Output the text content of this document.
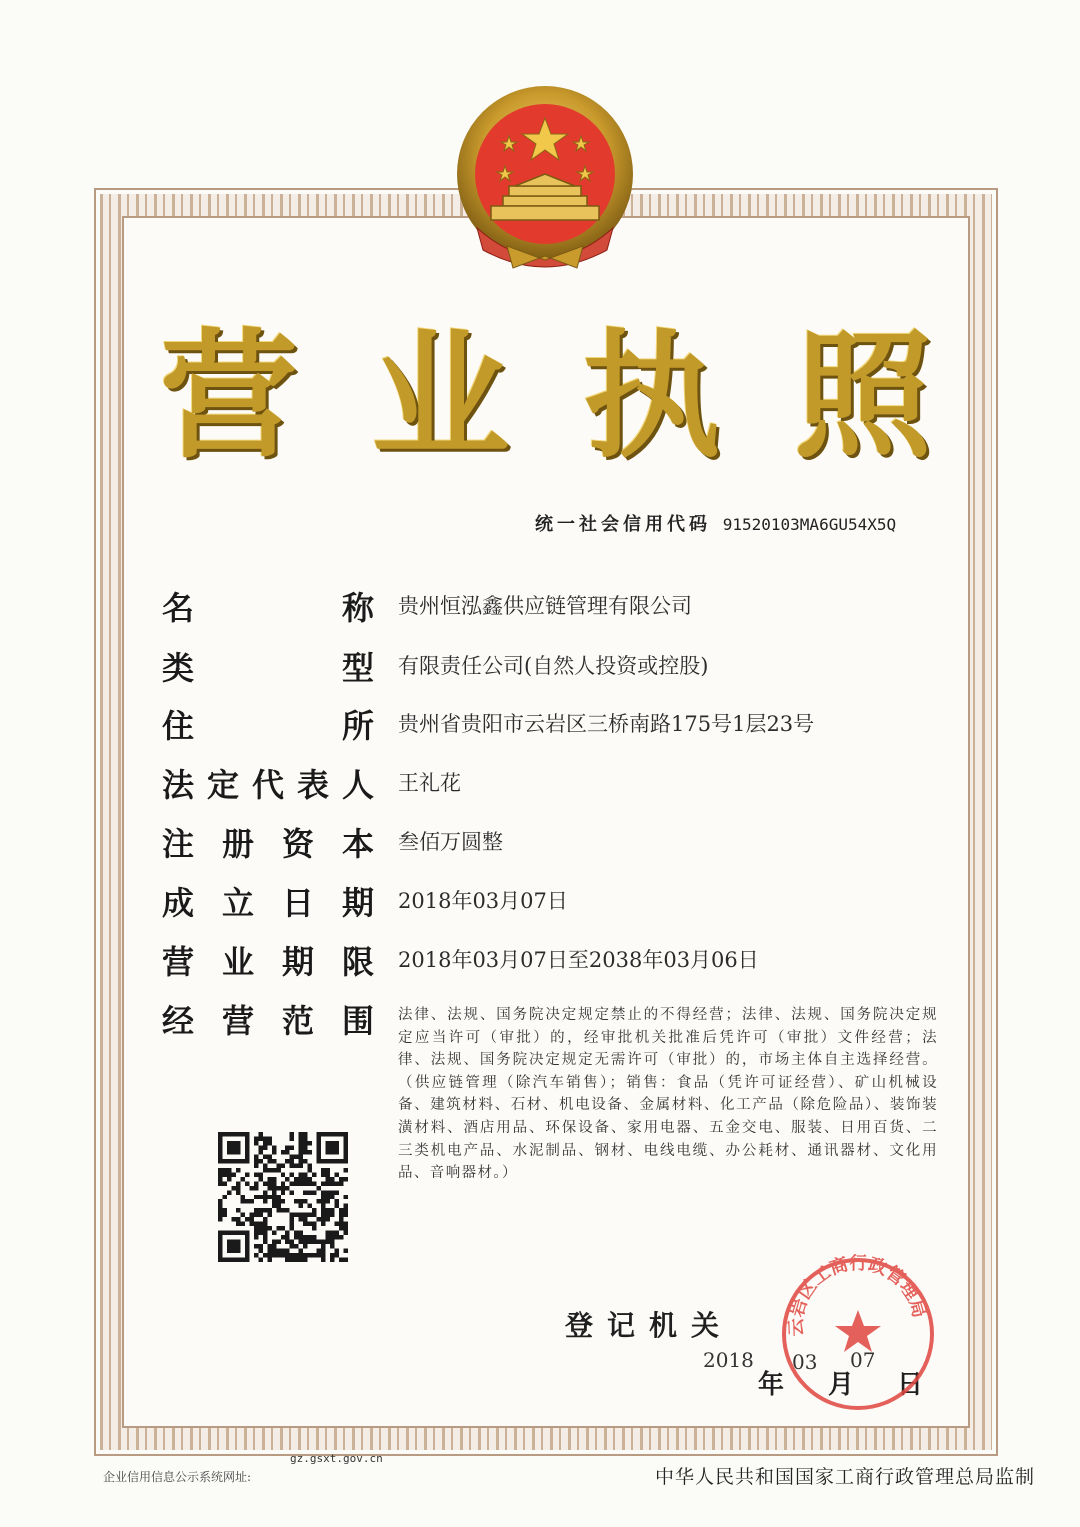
营 业 执 照
统一社会信用代码 91520103MA6GU54X5Q
名	称 贵州恒泓鑫供应链管理有限公司
类	型 有限责任公司(自然人投资或控股)
住	所 贵州省贵阳市云岩区三桥南路175号1层23号
法 定 代 表 人 王礼花
注 册 资 本 叁佰万圆整
成 立 日 期 2018年03月07日
营 业 期 限 2018年03月07日至2038年03月06日
经 营 范 围 法律、法规、国务院决定规定禁止的不得经营；法律、法规、国务院决定规定应当许可（审批）的，经审批机关批准后凭许可（审批）文件经营；法律、法规、国务院决定规定无需许可（审批）的，市场主体自主选择经营。（供应链管理（除汽车销售）；销售：食品（凭许可证经营）、矿山机械设备、建筑材料、石材、机电设备、金属材料、化工产品（除危险品）、装饰装潢材料、酒店用品、环保设备、家用电器、五金交电、服装、日用百货、二三类机电产品、水泥制品、钢材、电线电缆、办公耗材、通讯器材、文化用品、音响器材。）
登记机关
2018
年
03
月
07
日
云岩区工商行政管理局
gz.gsxt.gov.cn
企业信用信息公示系统网址:	中华人民共和国国家工商行政管理总局监制
